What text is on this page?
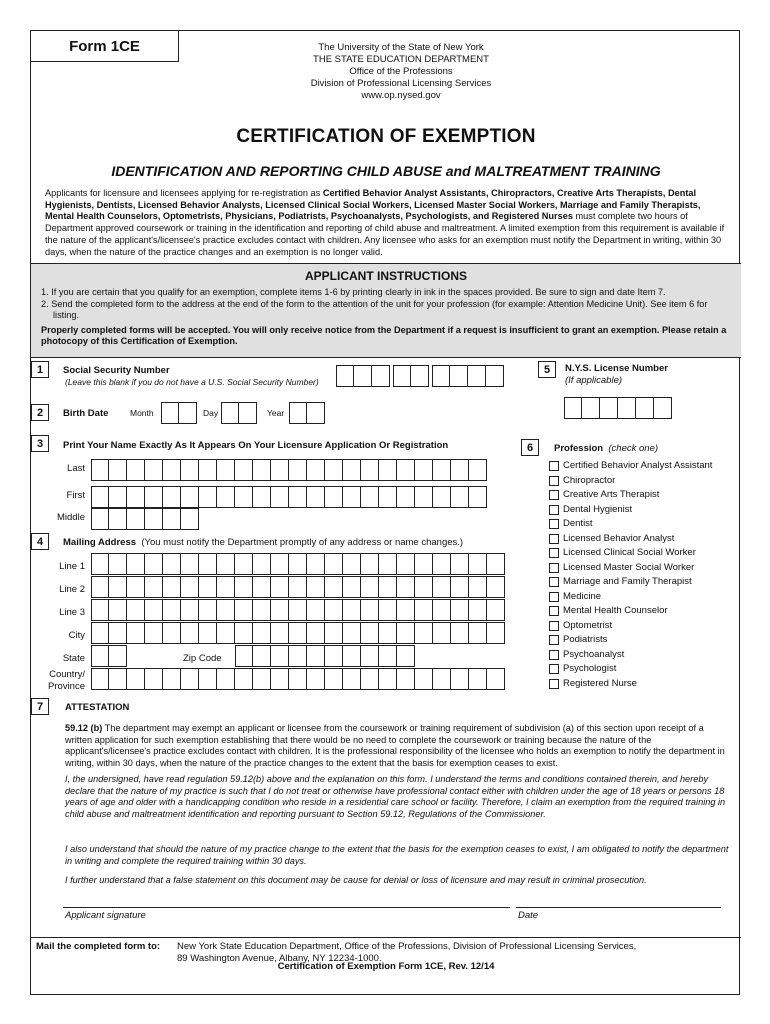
Form 1CE	The University of the State of New York
THE STATE EDUCATION DEPARTMENT
Office of the Professions
Division of Professional Licensing Services
www.op.nysed.gov
CERTIFICATION OF EXEMPTION
IDENTIFICATION AND REPORTING CHILD ABUSE and MALTREATMENT TRAINING
Applicants for licensure and licensees applying for re-registration as Certified Behavior Analyst Assistants, Chiropractors, Creative Arts Therapists, Dental Hygienists, Dentists, Licensed Behavior Analysts, Licensed Clinical Social Workers, Licensed Master Social Workers, Marriage and Family Therapists, Mental Health Counselors, Optometrists, Physicians, Podiatrists, Psychoanalysts, Psychologists, and Registered Nurses must complete two hours of Department approved coursework or training in the identification and reporting of child abuse and maltreatment. A limited exemption from this requirement is available if the nature of the applicant's/licensee's practice excludes contact with children. Any licensee who asks for an exemption must notify the Department in writing, within 30 days, when the nature of the practice changes and an exemption is no longer valid.
APPLICANT INSTRUCTIONS
1. If you are certain that you qualify for an exemption, complete items 1-6 by printing clearly in ink in the spaces provided. Be sure to sign and date Item 7.
2. Send the completed form to the address at the end of the form to the attention of the unit for your profession (for example: Attention Medicine Unit). See item 6 for listing.
Properly completed forms will be accepted. You will only receive notice from the Department if a request is insufficient to grant an exemption. Please retain a photocopy of this Certification of Exemption.
1	Social Security Number
(Leave this blank if you do not have a U.S. Social Security Number)
5	N.Y.S. License Number
(If applicable)
2	Birth Date	Month	Day	Year
3	Print Your Name Exactly As It Appears On Your Licensure Application Or Registration
Last
First
Middle
4	Mailing Address (You must notify the Department promptly of any address or name changes.)
Line 1
Line 2
Line 3
City
State	Zip Code
Country/
Province
6	Profession (check one)
Certified Behavior Analyst Assistant
Chiropractor
Creative Arts Therapist
Dental Hygienist
Dentist
Licensed Behavior Analyst
Licensed Clinical Social Worker
Licensed Master Social Worker
Marriage and Family Therapist
Medicine
Mental Health Counselor
Optometrist
Podiatrists
Psychoanalyst
Psychologist
Registered Nurse
7	ATTESTATION
59.12 (b) The department may exempt an applicant or licensee from the coursework or training requirement of subdivision (a) of this section upon receipt of a written application for such exemption establishing that there would be no need to complete the coursework or training because the nature of the applicant's/licensee's practice excludes contact with children. It is the professional responsibility of the licensee who holds an exemption to notify the department in writing, within 30 days, when the nature of the practice changes to the extent that the basis for exemption ceases to exist.
I, the undersigned, have read regulation 59.12(b) above and the explanation on this form. I understand the terms and conditions contained therein, and hereby declare that the nature of my practice is such that I do not treat or otherwise have professional contact either with children under the age of 18 years or persons 18 years of age and older with a handicapping condition who reside in a residential care school or facility. Therefore, I claim an exemption from the required training in child abuse and maltreatment identification and reporting pursuant to Section 59.12, Regulations of the Commissioner.
I also understand that should the nature of my practice change to the extent that the basis for the exemption ceases to exist, I am obligated to notify the department in writing and complete the required training within 30 days.
I further understand that a false statement on this document may be cause for denial or loss of licensure and may result in criminal prosecution.
Applicant signature	Date
Mail the completed form to: New York State Education Department, Office of the Professions, Division of Professional Licensing Services,
89 Washington Avenue, Albany, NY 12234-1000.
Certification of Exemption Form 1CE, Rev. 12/14
